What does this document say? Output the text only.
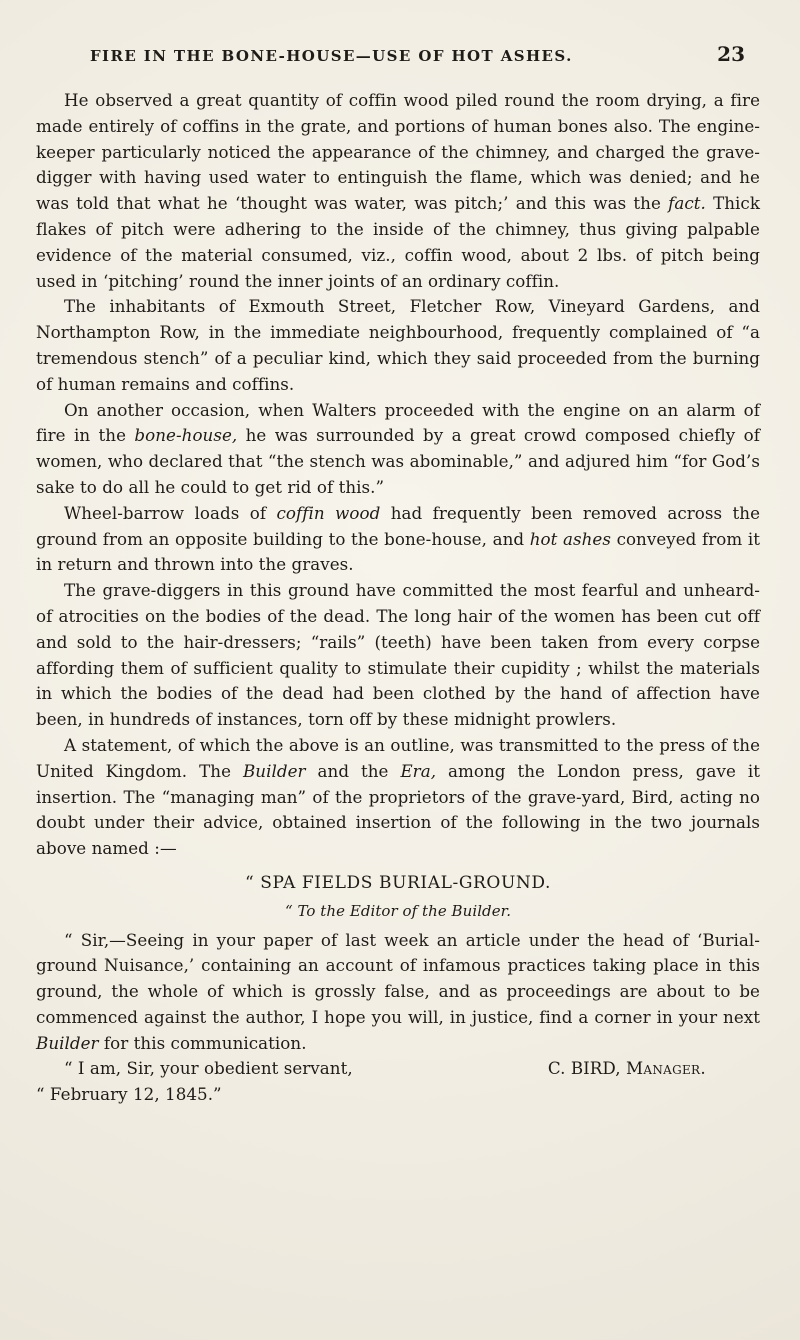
FIRE IN THE BONE-HOUSE—USE OF HOT ASHES.	23

He observed a great quantity of coffin wood piled round the room drying, a fire made entirely of coffins in the grate, and portions of human bones also. The engine-keeper particularly noticed the appearance of the chimney, and charged the grave-digger with having used water to entinguish the flame, which was denied; and he was told that what he ‘thought was water, was pitch;’ and this was the fact. Thick flakes of pitch were adhering to the inside of the chimney, thus giving palpable evidence of the material consumed, viz., coffin wood, about 2 lbs. of pitch being used in ‘pitching’ round the inner joints of an ordinary coffin.

The inhabitants of Exmouth Street, Fletcher Row, Vineyard Gardens, and Northampton Row, in the immediate neighbourhood, frequently complained of “a tremendous stench” of a peculiar kind, which they said proceeded from the burning of human remains and coffins.

On another occasion, when Walters proceeded with the engine on an alarm of fire in the bone-house, he was surrounded by a great crowd composed chiefly of women, who declared that “the stench was abominable,” and adjured him “for God’s sake to do all he could to get rid of this.”

Wheel-barrow loads of coffin wood had frequently been removed across the ground from an opposite building to the bone-house, and hot ashes conveyed from it in return and thrown into the graves.

The grave-diggers in this ground have committed the most fearful and unheard-of atrocities on the bodies of the dead. The long hair of the women has been cut off and sold to the hair-dressers; “rails” (teeth) have been taken from every corpse affording them of sufficient quality to stimulate their cupidity ; whilst the materials in which the bodies of the dead had been clothed by the hand of affection have been, in hundreds of instances, torn off by these midnight prowlers.

A statement, of which the above is an outline, was transmitted to the press of the United Kingdom. The Builder and the Era, among the London press, gave it insertion. The “managing man” of the proprietors of the grave-yard, Bird, acting no doubt under their advice, obtained insertion of the following in the two journals above named :—

“ SPA FIELDS BURIAL-GROUND.

“ To the Editor of the Builder.

“ Sir,—Seeing in your paper of last week an article under the head of ‘Burial-ground Nuisance,’ containing an account of infamous practices taking place in this ground, the whole of which is grossly false, and as proceedings are about to be commenced against the author, I hope you will, in justice, find a corner in your next Builder for this communication.

“ I am, Sir, your obedient servant,	C. BIRD, Manager.

“ February 12, 1845.”
